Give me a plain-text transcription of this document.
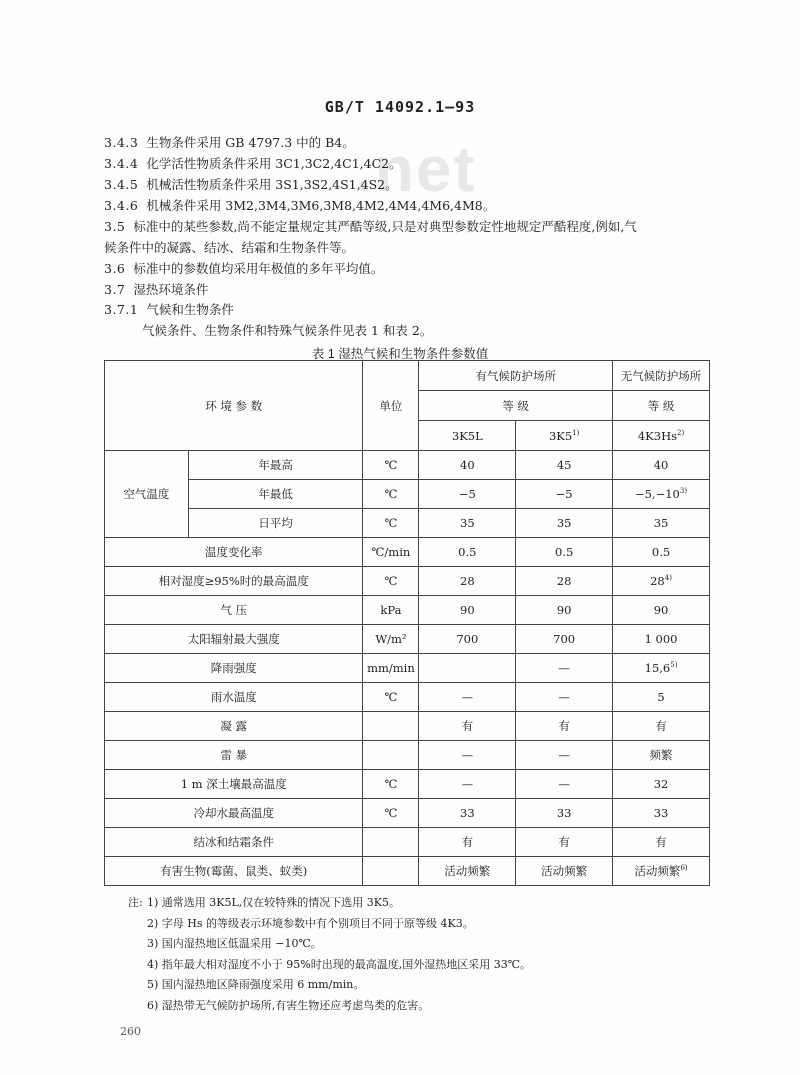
GB/T 14092.1—93
.net
3.4.3 生物条件采用 GB 4797.3 中的 B4。
3.4.4 化学活性物质条件采用 3C1,3C2,4C1,4C2。
3.4.5 机械活性物质条件采用 3S1,3S2,4S1,4S2。
3.4.6 机械条件采用 3M2,3M4,3M6,3M8,4M2,4M4,4M6,4M8。
3.5 标准中的某些参数,尚不能定量规定其严酷等级,只是对典型参数定性地规定严酷程度,例如,气
候条件中的凝露、结冰、结霜和生物条件等。
3.6 标准中的参数值均采用年极值的多年平均值。
3.7 湿热环境条件
3.7.1 气候和生物条件
气候条件、生物条件和特殊气候条件见表 1 和表 2。
表 1 湿热气候和生物条件参数值
环 境 参 数		单位	有气候防护场所		无气候防护场所
			等 级		等 级
			3K5L	3K5$^{1)}$	4K3Hs$^{2)}$
空气温度	年最高	℃	40	45	40
	年最低	℃	−5	−5	$-5,-10^{3)}$
	日平均	℃	35	35	35
温度变化率		℃/min	0.5	0.5	0.5
相对湿度≥95%时的最高温度		℃	28	28	28$^{4)}$
气 压		kPa	90	90	90
太阳辐射最大强度		W/m²	700	700	1 000
降雨强度		mm/min		—	15,6$^{5)}$
雨水温度		℃	—	—	5
凝 露			有	有	有
雷 暴			—	—	频繁
1 m 深土壤最高温度		℃	—	—	32
冷却水最高温度		℃	33	33	33
结冰和结霜条件			有	有	有
有害生物(霉菌、鼠类、蚁类)			活动频繁	活动频繁	活动频繁$^{6)}$
注: 1) 通常选用 3K5L,仅在较特殊的情况下选用 3K5。
2) 字母 Hs 的等级表示环境参数中有个别项目不同于原等级 4K3。
3) 国内湿热地区低温采用 −10℃。
4) 指年最大相对湿度不小于 95%时出现的最高温度,国外湿热地区采用 33℃。
5) 国内湿热地区降雨强度采用 6 mm/min。
6) 湿热带无气候防护场所,有害生物还应考虑鸟类的危害。
260
